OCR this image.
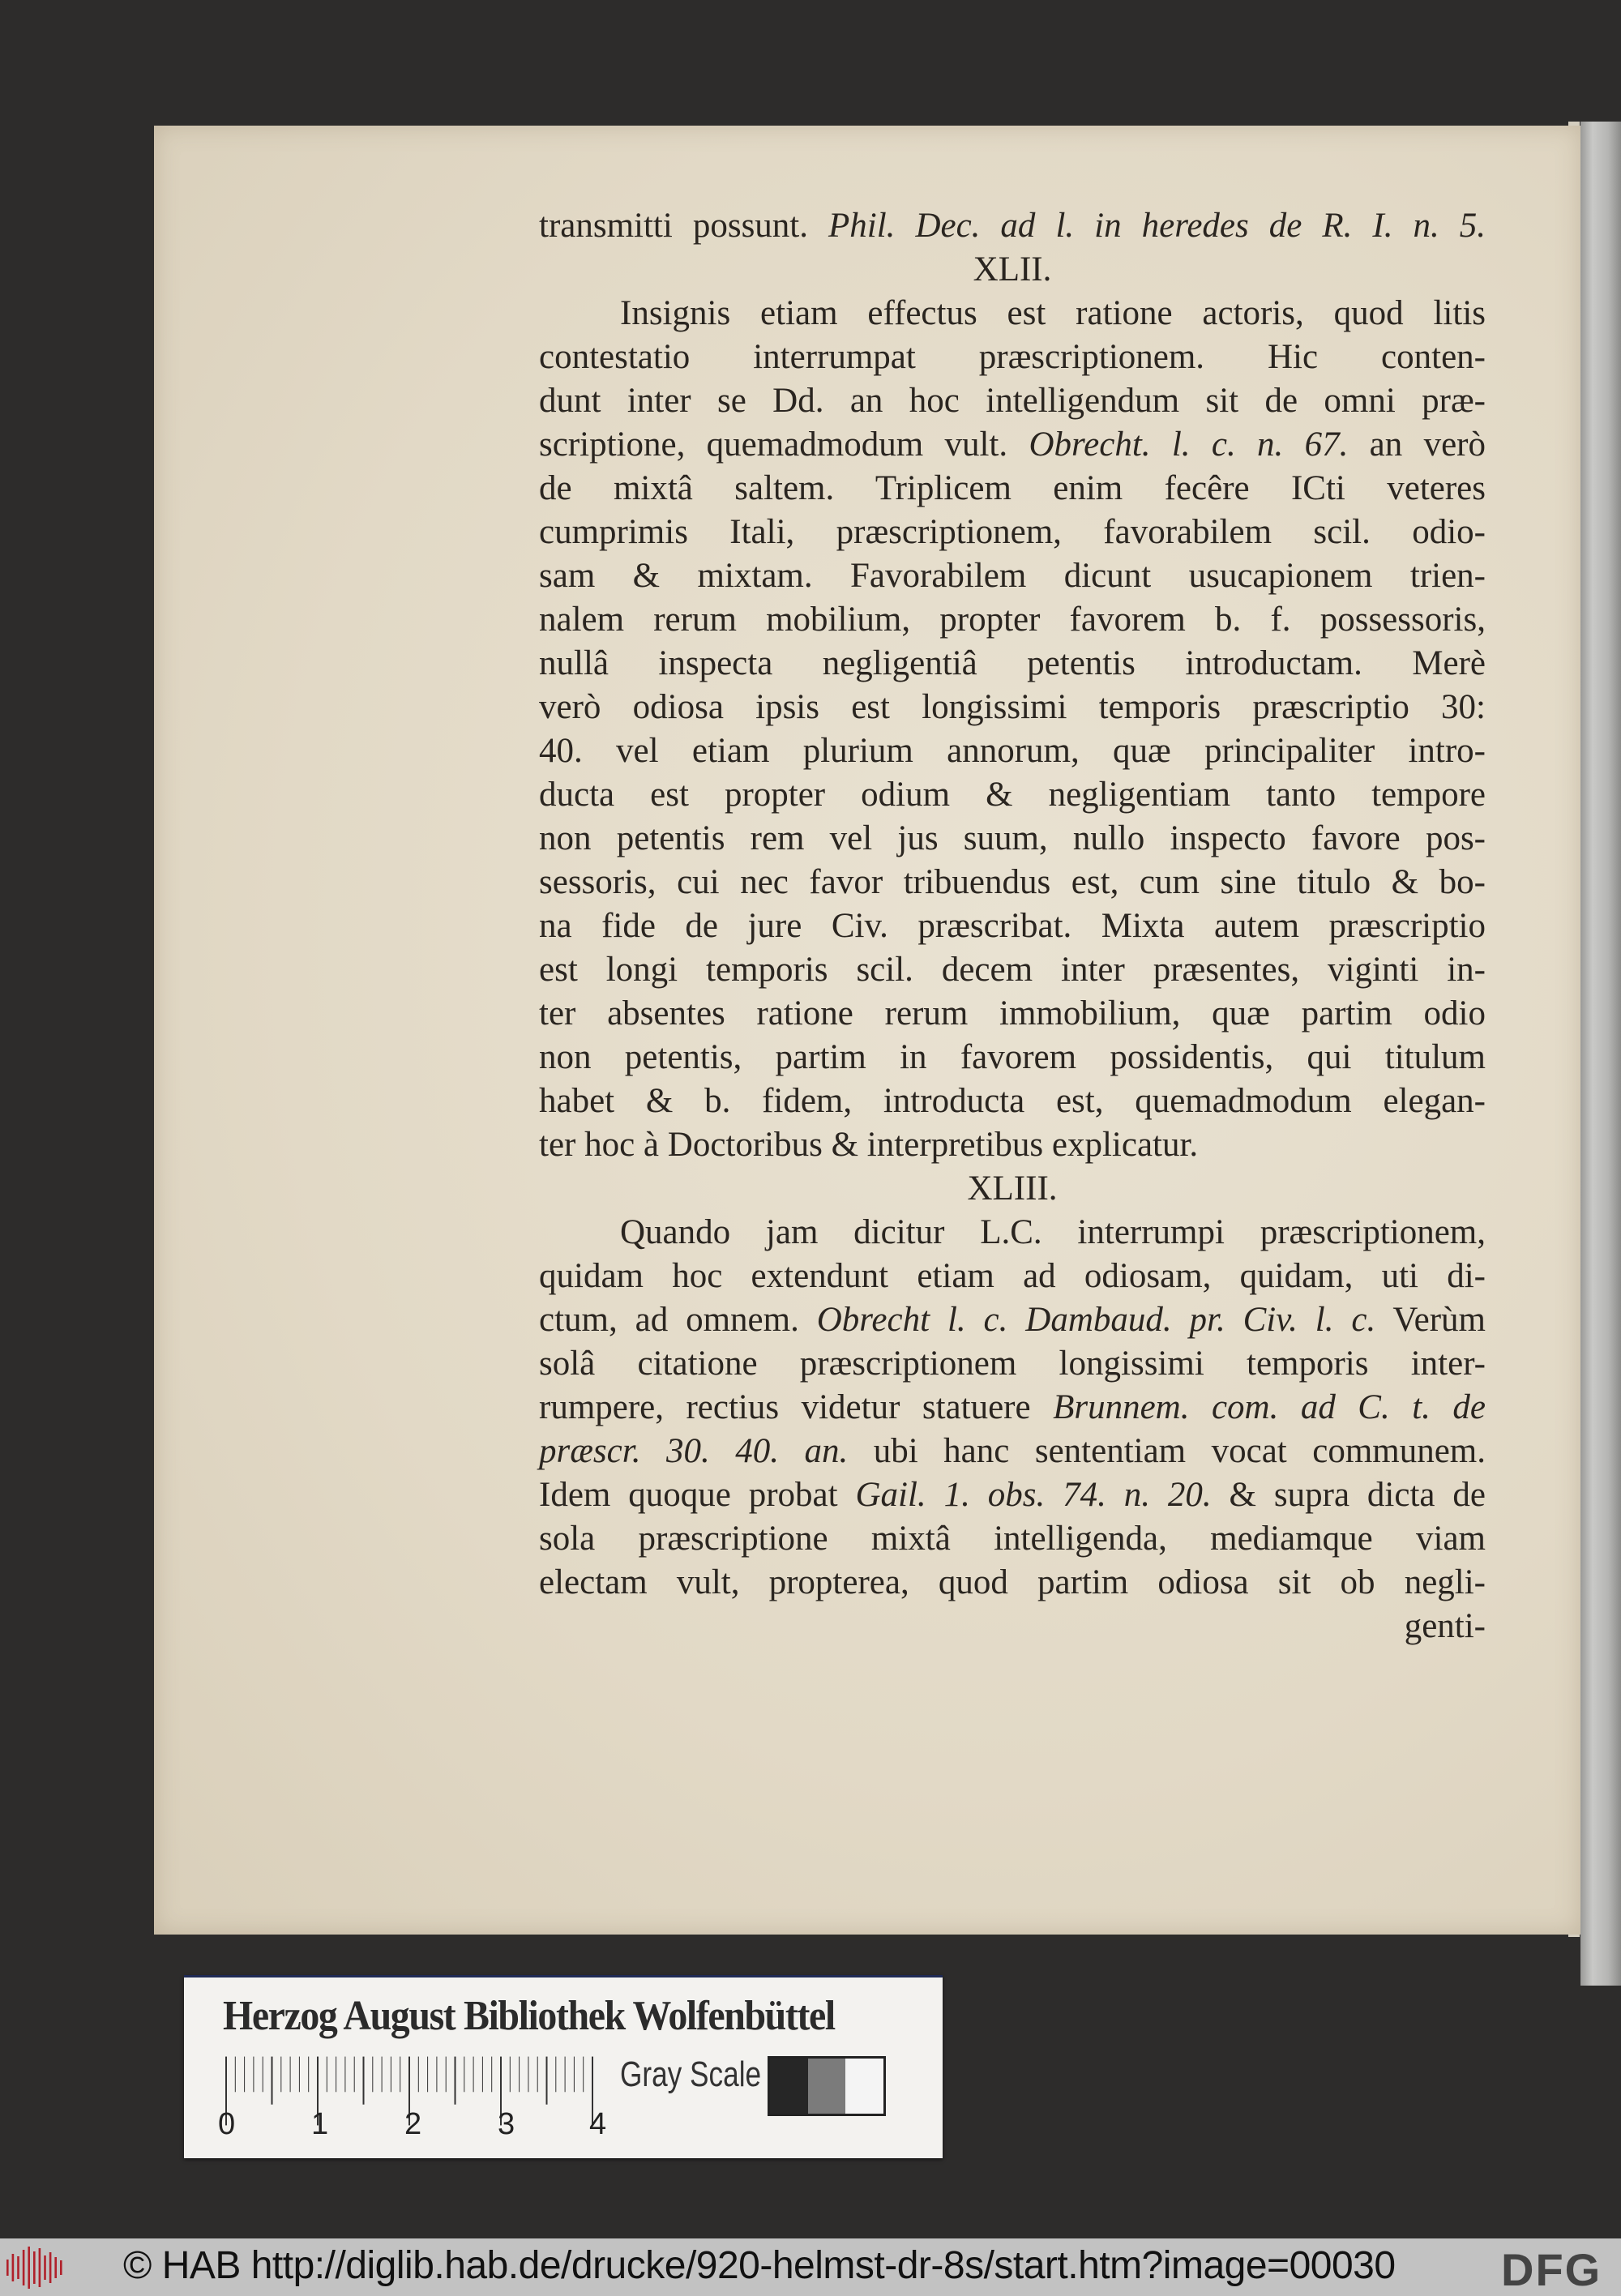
transmitti possunt. Phil. Dec. ad l. in heredes de R. I. n. 5.
XLII.
Insignis etiam effectus est ratione actoris, quod litis
contestatio interrumpat præscriptionem. Hic conten-
dunt inter se Dd. an hoc intelligendum sit de omni præ-
scriptione, quemadmodum vult. Obrecht. l. c. n. 67. an verò
de mixtâ saltem. Triplicem enim fecêre ICti veteres
cumprimis Itali, præscriptionem, favorabilem scil. odio-
sam & mixtam. Favorabilem dicunt usucapionem trien-
nalem rerum mobilium, propter favorem b. f. possessoris,
nullâ inspecta negligentiâ petentis introductam. Merè
verò odiosa ipsis est longissimi temporis præscriptio 30:
40. vel etiam plurium annorum, quæ principaliter intro-
ducta est propter odium & negligentiam tanto tempore
non petentis rem vel jus suum, nullo inspecto favore pos-
sessoris, cui nec favor tribuendus est, cum sine titulo & bo-
na fide de jure Civ. præscribat. Mixta autem præscriptio
est longi temporis scil. decem inter præsentes, viginti in-
ter absentes ratione rerum immobilium, quæ partim odio
non petentis, partim in favorem possidentis, qui titulum
habet & b. fidem, introducta est, quemadmodum elegan-
ter hoc à Doctoribus & interpretibus explicatur.
XLIII.
Quando jam dicitur L.C. interrumpi præscriptionem,
quidam hoc extendunt etiam ad odiosam, quidam, uti di-
ctum, ad omnem. Obrecht l. c. Dambaud. pr. Civ. l. c. Verùm
solâ citatione præscriptionem longissimi temporis inter-
rumpere, rectius videtur statuere Brunnem. com. ad C. t. de
præscr. 30. 40. an. ubi hanc sententiam vocat communem.
Idem quoque probat Gail. 1. obs. 74. n. 20. & supra dicta de
sola præscriptione mixtâ intelligenda, mediamque viam
electam vult, propterea, quod partim odiosa sit ob negli-
genti-
Herzog August Bibliothek Wolfenbüttel
0 1 2 3 4
Gray Scale
© HAB http://diglib.hab.de/drucke/920-helmst-dr-8s/start.htm?image=00030 DFG
